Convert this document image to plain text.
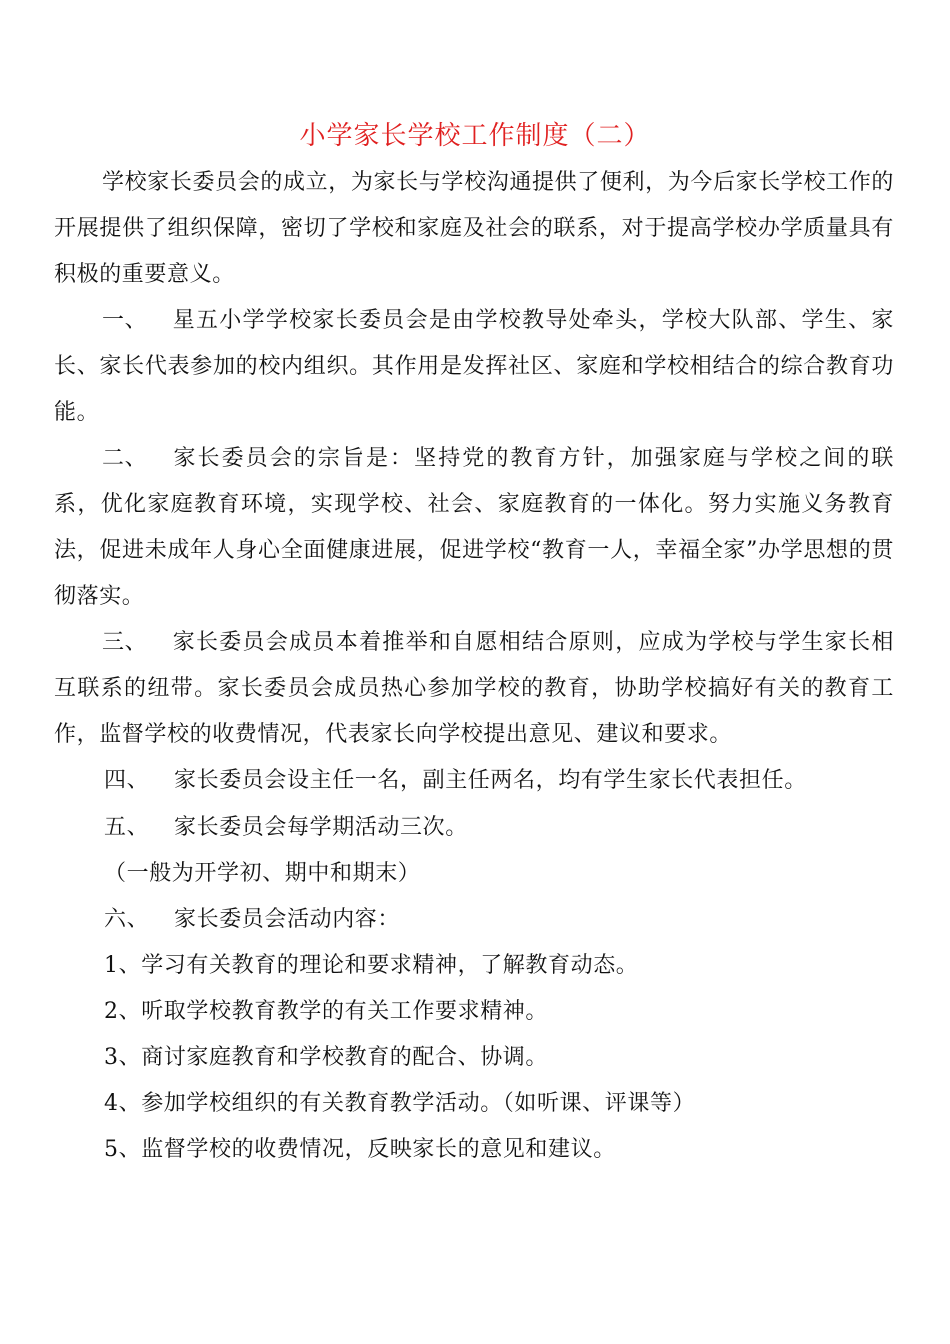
小学家长学校工作制度（二）

学校家长委员会的成立，为家长与学校沟通提供了便利，为今后家长学校工作的开展提供了组织保障，密切了学校和家庭及社会的联系，对于提高学校办学质量具有积极的重要意义。

一、 星五小学学校家长委员会是由学校教导处牵头，学校大队部、学生、家长、家长代表参加的校内组织。其作用是发挥社区、家庭和学校相结合的综合教育功能。

二、 家长委员会的宗旨是：坚持党的教育方针，加强家庭与学校之间的联系，优化家庭教育环境，实现学校、社会、家庭教育的一体化。努力实施义务教育法，促进未成年人身心全面健康进展，促进学校“教育一人，幸福全家”办学思想的贯彻落实。

三、 家长委员会成员本着推举和自愿相结合原则，应成为学校与学生家长相互联系的纽带。家长委员会成员热心参加学校的教育，协助学校搞好有关的教育工作，监督学校的收费情况，代表家长向学校提出意见、建议和要求。

四、 家长委员会设主任一名，副主任两名，均有学生家长代表担任。
五、 家长委员会每学期活动三次。
（一般为开学初、期中和期末）
六、 家长委员会活动内容：
1、学习有关教育的理论和要求精神，了解教育动态。
2、听取学校教育教学的有关工作要求精神。
3、商讨家庭教育和学校教育的配合、协调。
4、参加学校组织的有关教育教学活动。（如听课、评课等）
5、监督学校的收费情况，反映家长的意见和建议。
